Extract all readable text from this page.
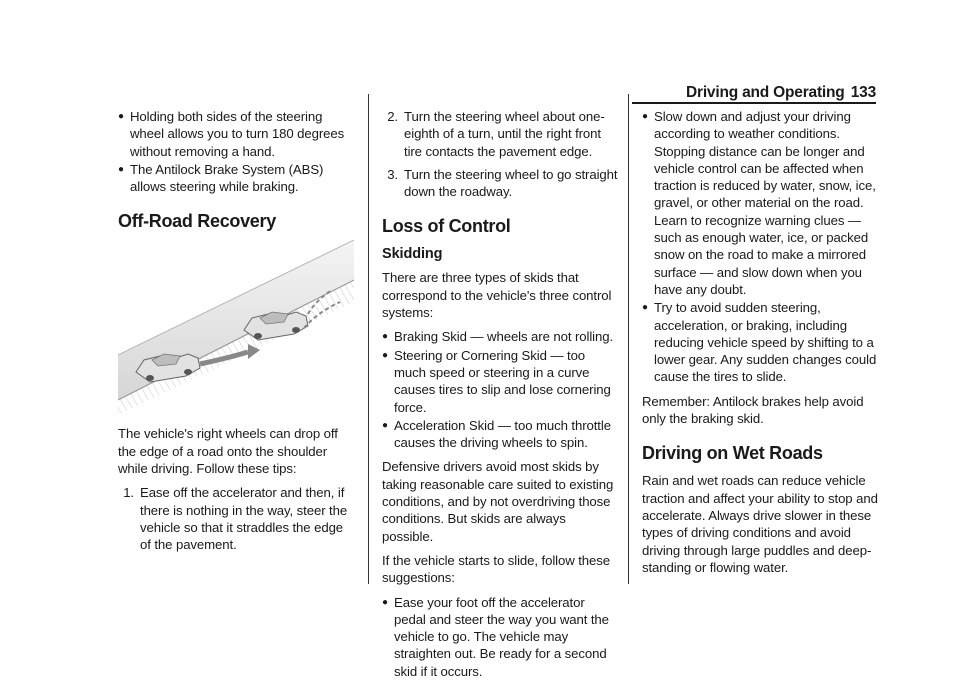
Driving and Operating 133
● Holding both sides of the steering wheel allows you to turn 180 degrees without removing a hand.
● The Antilock Brake System (ABS) allows steering while braking.
Off-Road Recovery

The vehicle's right wheels can drop off the edge of a road onto the shoulder while driving. Follow these tips:

1. Ease off the accelerator and then, if there is nothing in the way, steer the vehicle so that it straddles the edge of the pavement.
2. Turn the steering wheel about one-eighth of a turn, until the right front tire contacts the pavement edge.
3. Turn the steering wheel to go straight down the roadway.
Loss of Control
Skidding

There are three types of skids that correspond to the vehicle's three control systems:

● Braking Skid — wheels are not rolling.
● Steering or Cornering Skid — too much speed or steering in a curve causes tires to slip and lose cornering force.
● Acceleration Skid — too much throttle causes the driving wheels to spin.

Defensive drivers avoid most skids by taking reasonable care suited to existing conditions, and by not overdriving those conditions. But skids are always possible.

If the vehicle starts to slide, follow these suggestions:

● Ease your foot off the accelerator pedal and steer the way you want the vehicle to go. The vehicle may straighten out. Be ready for a second skid if it occurs.
● Slow down and adjust your driving according to weather conditions. Stopping distance can be longer and vehicle control can be affected when traction is reduced by water, snow, ice, gravel, or other material on the road. Learn to recognize warning clues — such as enough water, ice, or packed snow on the road to make a mirrored surface — and slow down when you have any doubt.
● Try to avoid sudden steering, acceleration, or braking, including reducing vehicle speed by shifting to a lower gear. Any sudden changes could cause the tires to slide.

Remember: Antilock brakes help avoid only the braking skid.

Driving on Wet Roads

Rain and wet roads can reduce vehicle traction and affect your ability to stop and accelerate. Always drive slower in these types of driving conditions and avoid driving through large puddles and deep-standing or flowing water.
